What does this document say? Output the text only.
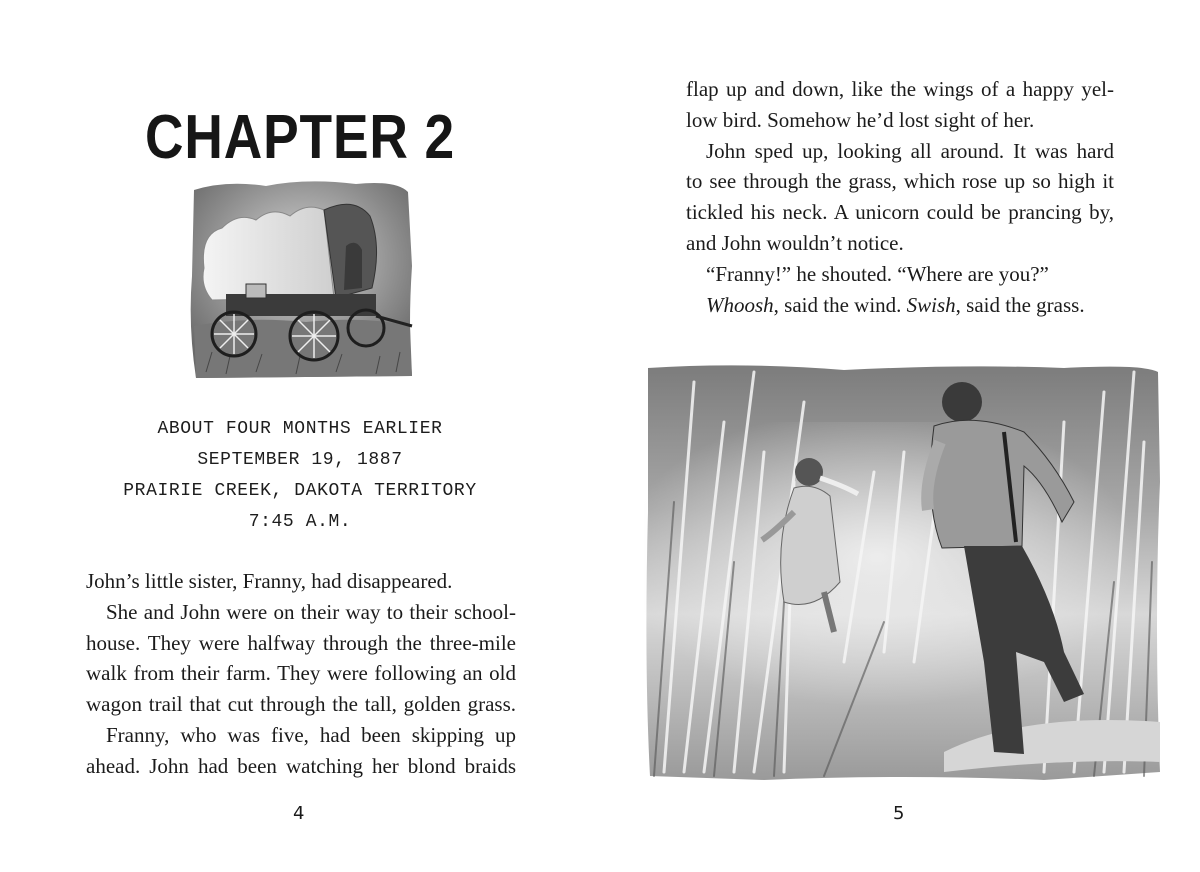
CHAPTER 2
ABOUT FOUR MONTHS EARLIER
SEPTEMBER 19, 1887
PRAIRIE CREEK, DAKOTA TERRITORY
7:45 A.M.
John’s little sister, Franny, had disappeared.
She and John were on their way to their school-
house. They were halfway through the three-mile
walk from their farm. They were following an old
wagon trail that cut through the tall, golden grass.
Franny, who was five, had been skipping up
ahead. John had been watching her blond braids
4
flap up and down, like the wings of a happy yel-
low bird. Somehow he’d lost sight of her.
John sped up, looking all around. It was hard
to see through the grass, which rose up so high it
tickled his neck. A unicorn could be prancing by,
and John wouldn’t notice.
“Franny!” he shouted. “Where are you?”
Whoosh, said the wind. Swish, said the grass.
5
